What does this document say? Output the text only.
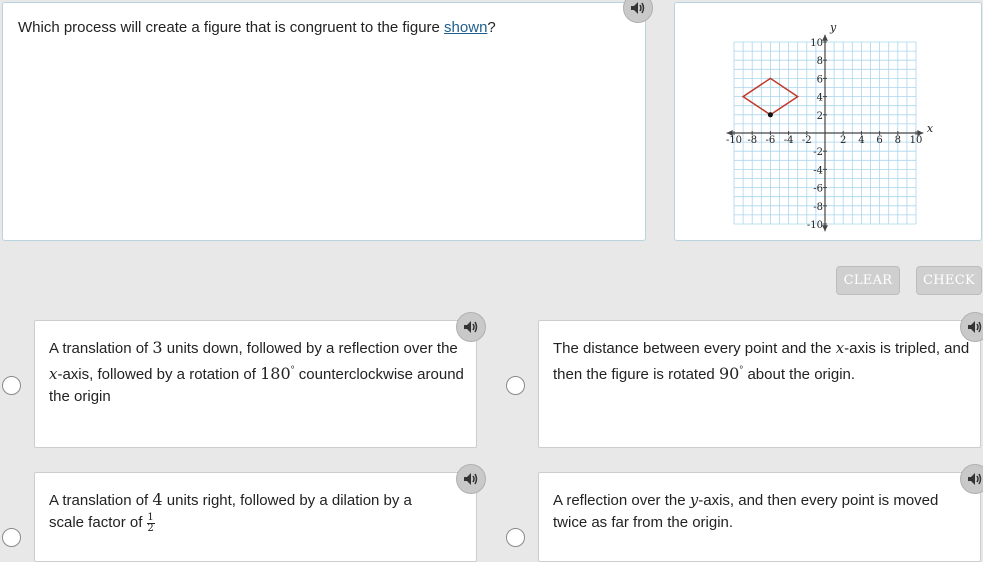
Which process will create a figure that is congruent to the figure shown?
x
y
-10 -8 -6 -4 -2	2 4 6 8 10
10
8
6
4
2
-2
-4
-6
-8
-10
CLEAR	CHECK
A translation of 3 units down, followed by a reflection over the x-axis, followed by a rotation of 180° counterclockwise around the origin
The distance between every point and the x-axis is tripled, and then the figure is rotated 90° about the origin.
A translation of 4 units right, followed by a dilation by a scale factor of $\frac{1}{2}$
A reflection over the y-axis, and then every point is moved twice as far from the origin.
